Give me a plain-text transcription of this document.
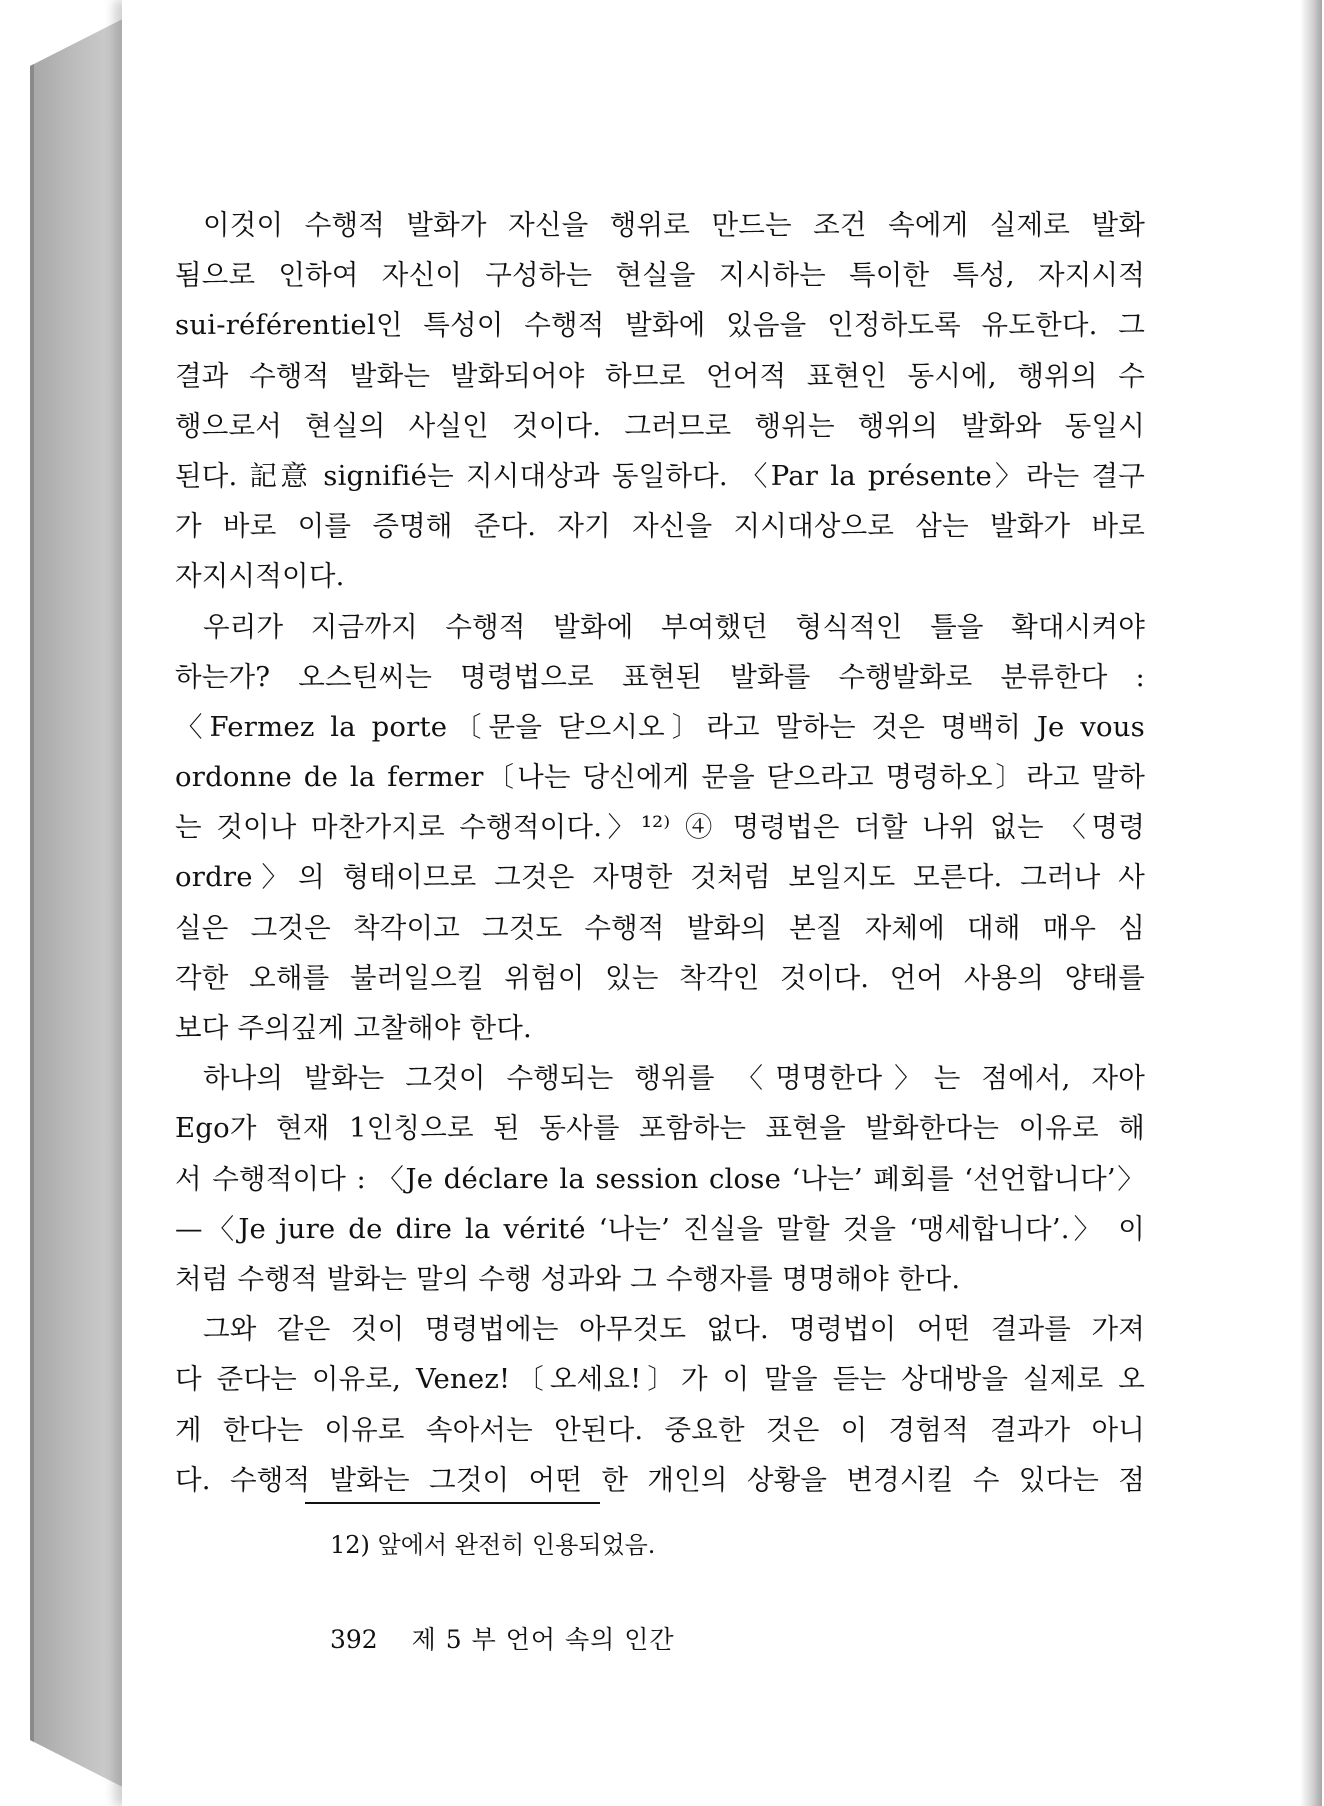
이것이 수행적 발화가 자신을 행위로 만드는 조건 속에게 실제로 발화
됨으로 인하여 자신이 구성하는 현실을 지시하는 특이한 특성, 자지시적
sui-référentiel인 특성이 수행적 발화에 있음을 인정하도록 유도한다. 그
결과 수행적 발화는 발화되어야 하므로 언어적 표현인 동시에, 행위의 수
행으로서 현실의 사실인 것이다. 그러므로 행위는 행위의 발화와 동일시
된다. 記意 signifié는 지시대상과 동일하다. 〈Par la présente〉라는 결구
가 바로 이를 증명해 준다. 자기 자신을 지시대상으로 삼는 발화가 바로
자지시적이다.
우리가 지금까지 수행적 발화에 부여했던 형식적인 틀을 확대시켜야
하는가? 오스틴씨는 명령법으로 표현된 발화를 수행발화로 분류한다 :
〈Fermez la porte〔문을 닫으시오〕라고 말하는 것은 명백히 Je vous
ordonne de la fermer〔나는 당신에게 문을 닫으라고 명령하오〕라고 말하
는 것이나 마찬가지로 수행적이다.〉¹²⁾ ④ 명령법은 더할 나위 없는 〈명령
ordre〉의 형태이므로 그것은 자명한 것처럼 보일지도 모른다. 그러나 사
실은 그것은 착각이고 그것도 수행적 발화의 본질 자체에 대해 매우 심
각한 오해를 불러일으킬 위험이 있는 착각인 것이다. 언어 사용의 양태를
보다 주의깊게 고찰해야 한다.
하나의 발화는 그것이 수행되는 행위를 〈명명한다〉는 점에서, 자아
Ego가 현재 1인칭으로 된 동사를 포함하는 표현을 발화한다는 이유로 해
서 수행적이다 : 〈Je déclare la session close ‘나는’ 폐회를 ‘선언합니다’〉
—〈Je jure de dire la vérité ‘나는’ 진실을 말할 것을 ‘맹세합니다’.〉 이
처럼 수행적 발화는 말의 수행 성과와 그 수행자를 명명해야 한다.
그와 같은 것이 명령법에는 아무것도 없다. 명령법이 어떤 결과를 가져
다 준다는 이유로, Venez!〔오세요!〕가 이 말을 듣는 상대방을 실제로 오
게 한다는 이유로 속아서는 안된다. 중요한 것은 이 경험적 결과가 아니
다. 수행적 발화는 그것이 어떤 한 개인의 상황을 변경시킬 수 있다는 점
12) 앞에서 완전히 인용되었음.
392 제 5 부 언어 속의 인간
